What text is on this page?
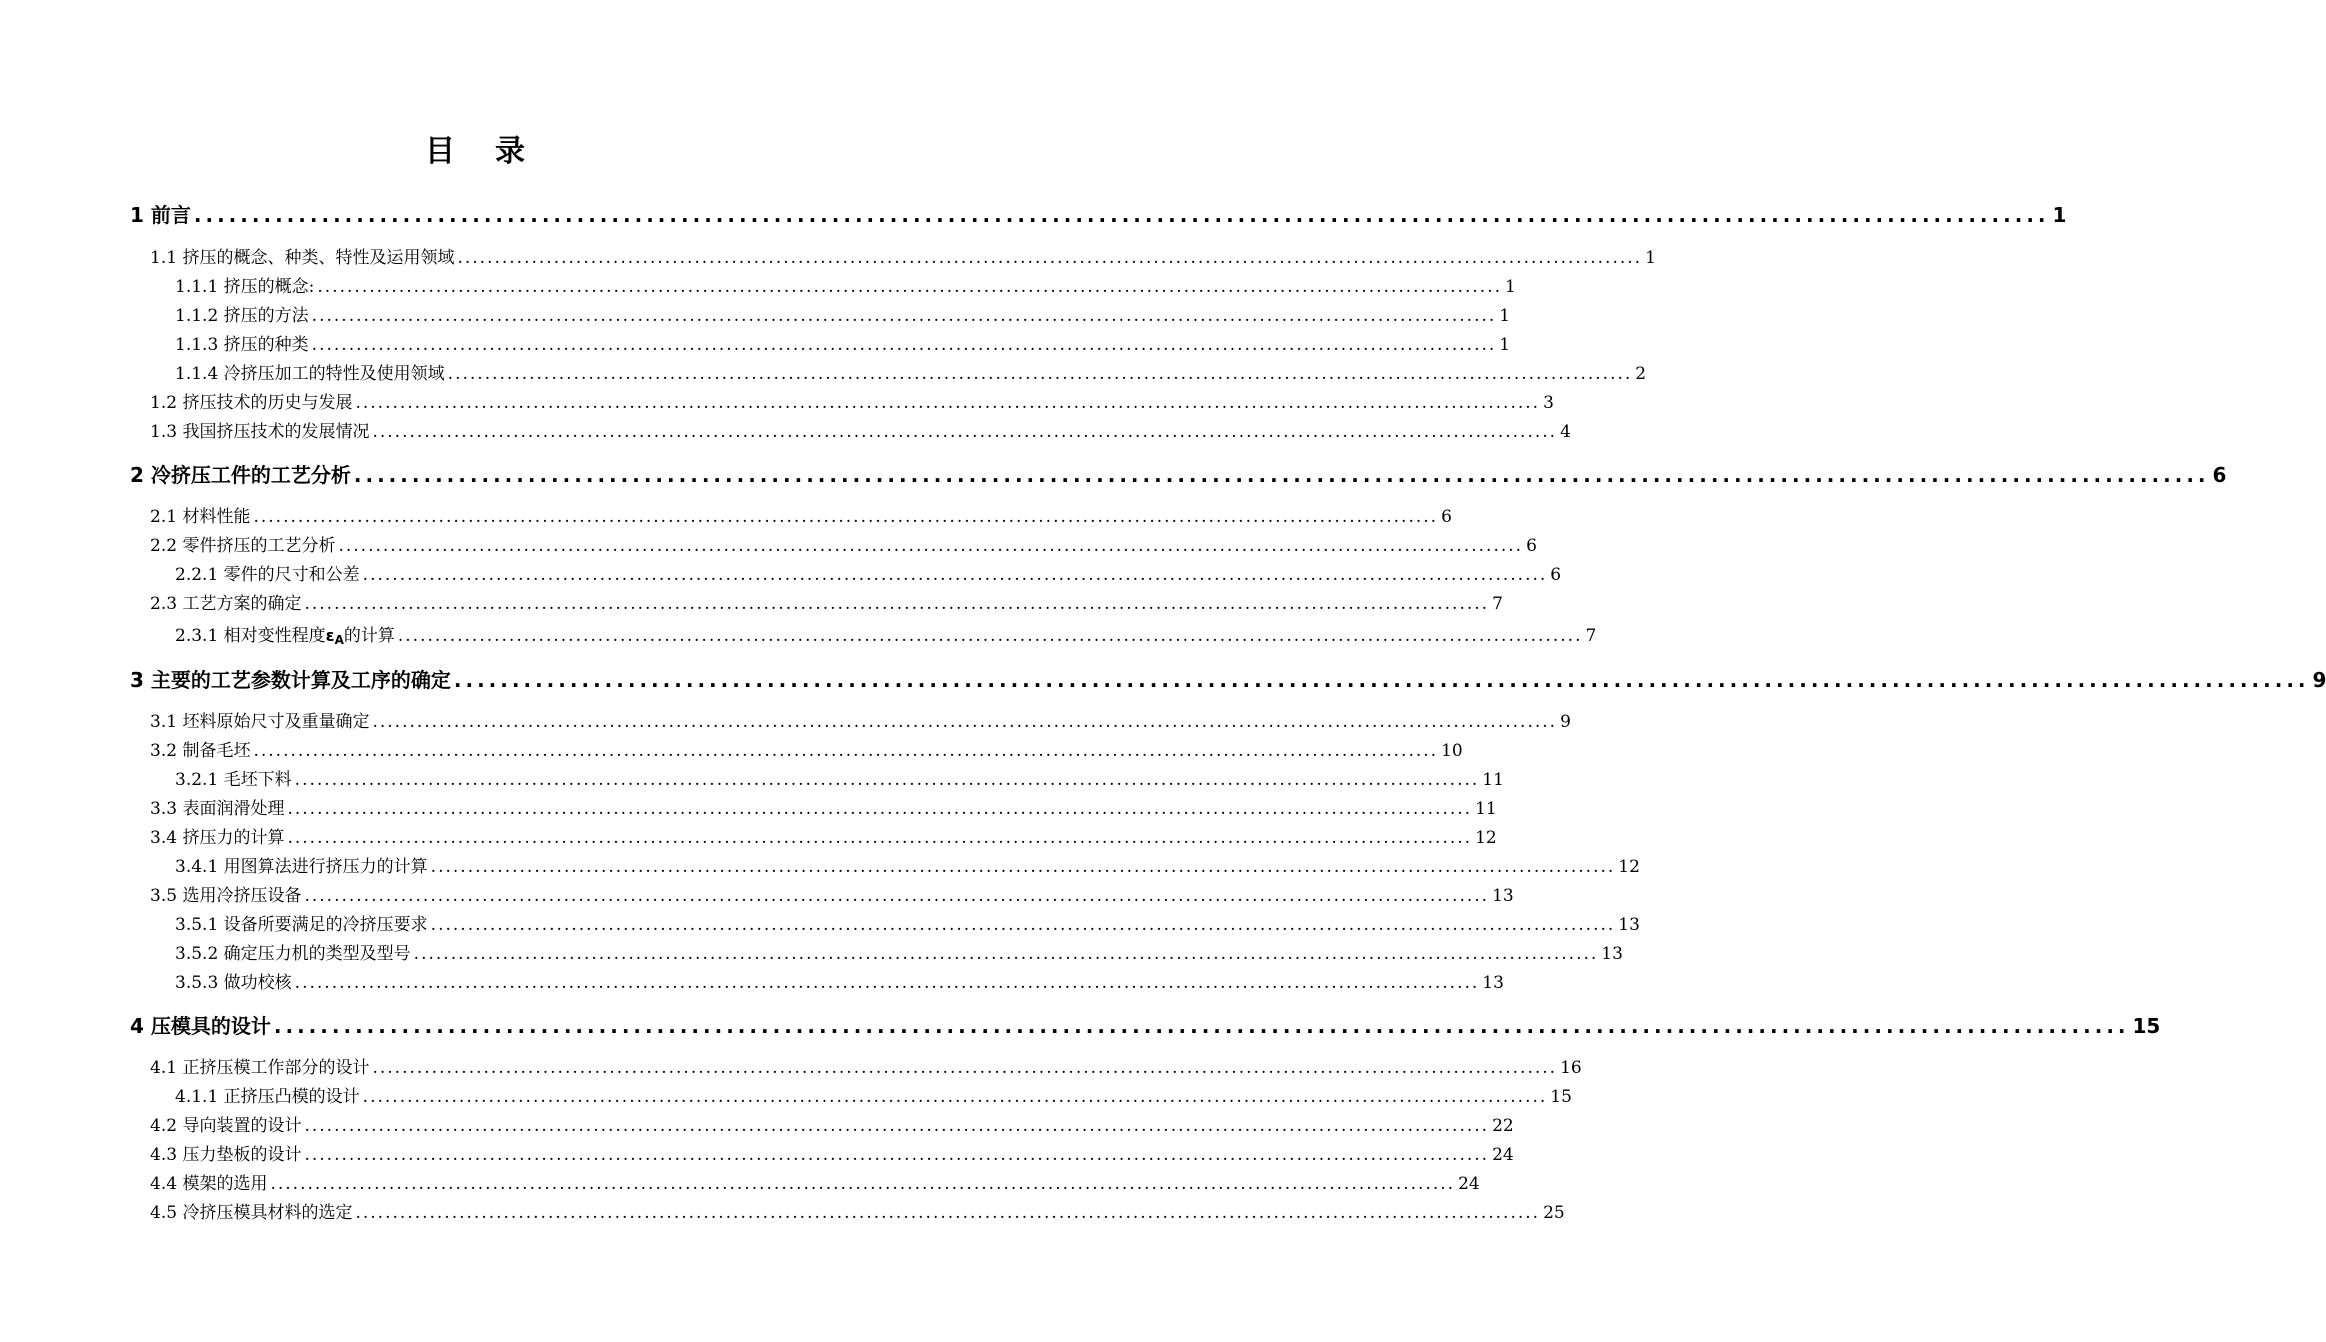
目录
1 前言 ................................................................................................................................................................ 1
1.1 挤压的概念、种类、特性及运用领域 ................................................................................................................................................................ 1
1.1.1 挤压的概念: ................................................................................................................................................................ 1
1.1.2 挤压的方法 ................................................................................................................................................................ 1
1.1.3 挤压的种类 ................................................................................................................................................................ 1
1.1.4 冷挤压加工的特性及使用领域 ................................................................................................................................................................ 2
1.2 挤压技术的历史与发展 ................................................................................................................................................................ 3
1.3 我国挤压技术的发展情况 ................................................................................................................................................................ 4
2 冷挤压工件的工艺分析 ................................................................................................................................................................ 6
2.1 材料性能 ................................................................................................................................................................ 6
2.2 零件挤压的工艺分析 ................................................................................................................................................................ 6
2.2.1 零件的尺寸和公差 ................................................................................................................................................................ 6
2.3 工艺方案的确定 ................................................................................................................................................................ 7
2.3.1 相对变性程度εA的计算 ................................................................................................................................................................ 7
3 主要的工艺参数计算及工序的确定 ................................................................................................................................................................ 9
3.1 坯料原始尺寸及重量确定 ................................................................................................................................................................ 9
3.2 制备毛坯 ................................................................................................................................................................ 10
3.2.1 毛坯下料 ................................................................................................................................................................ 11
3.3 表面润滑处理 ................................................................................................................................................................ 11
3.4 挤压力的计算 ................................................................................................................................................................ 12
3.4.1 用图算法进行挤压力的计算 ................................................................................................................................................................ 12
3.5 选用冷挤压设备 ................................................................................................................................................................ 13
3.5.1 设备所要满足的冷挤压要求 ................................................................................................................................................................ 13
3.5.2 确定压力机的类型及型号 ................................................................................................................................................................ 13
3.5.3 做功校核 ................................................................................................................................................................ 13
4 压模具的设计 ................................................................................................................................................................ 15
4.1 正挤压模工作部分的设计 ................................................................................................................................................................ 16
4.1.1 正挤压凸模的设计 ................................................................................................................................................................ 15
4.2 导向装置的设计 ................................................................................................................................................................ 22
4.3 压力垫板的设计 ................................................................................................................................................................ 24
4.4 模架的选用 ................................................................................................................................................................ 24
4.5 冷挤压模具材料的选定 ................................................................................................................................................................ 25
